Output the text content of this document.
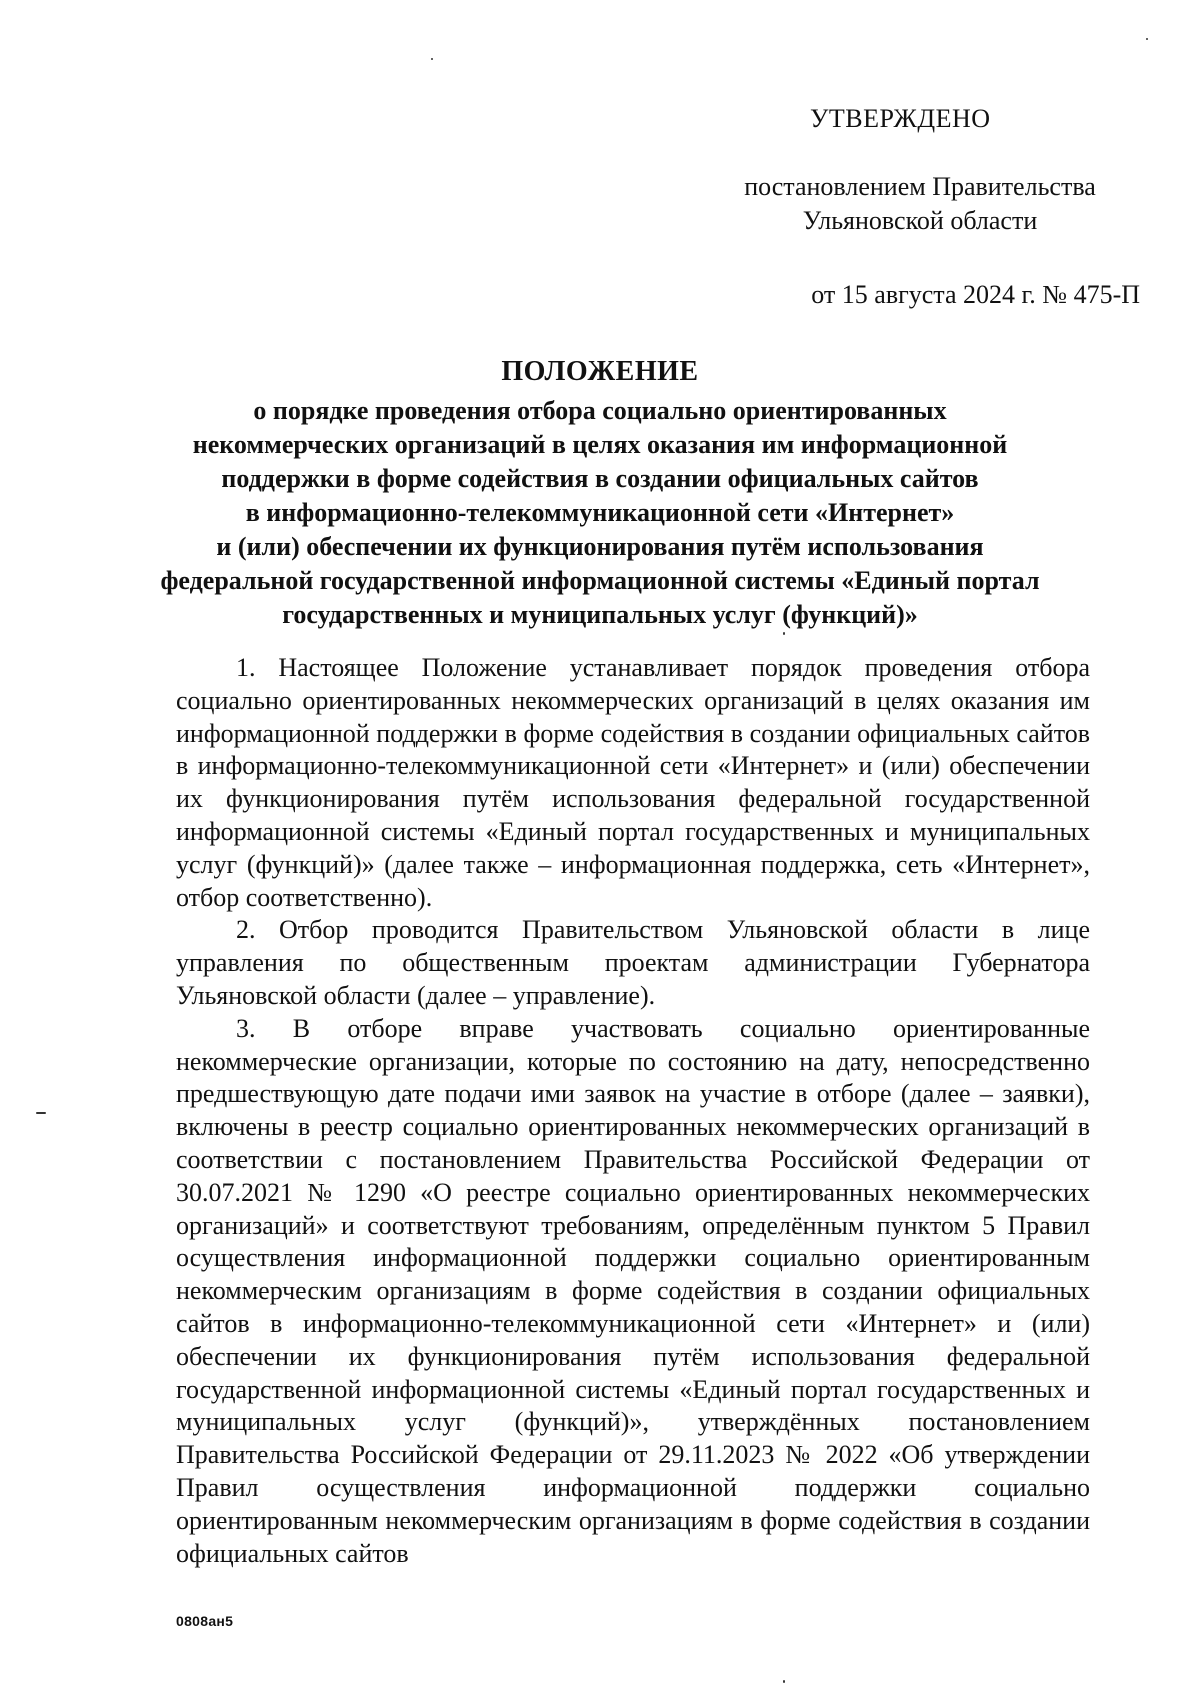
УТВЕРЖДЕНО
постановлением Правительства
Ульяновской области
от 15 августа 2024 г. № 475-П
ПОЛОЖЕНИЕ
о порядке проведения отбора социально ориентированных
некоммерческих организаций в целях оказания им информационной
поддержки в форме содействия в создании официальных сайтов
в информационно-телекоммуникационной сети «Интернет»
и (или) обеспечении их функционирования путём использования
федеральной государственной информационной системы «Единый портал
государственных и муниципальных услуг (функций)»

1. Настоящее Положение устанавливает порядок проведения отбора социально ориентированных некоммерческих организаций в целях оказания им информационной поддержки в форме содействия в создании официальных сайтов в информационно-телекоммуникационной сети «Интернет» и (или) обеспечении их функционирования путём использования федеральной государственной информационной системы «Единый портал государственных и муниципальных услуг (функций)» (далее также – информационная поддержка, сеть «Интернет», отбор соответственно).

2. Отбор проводится Правительством Ульяновской области в лице управления по общественным проектам администрации Губернатора Ульяновской области (далее – управление).

3. В отборе вправе участвовать социально ориентированные некоммерческие организации, которые по состоянию на дату, непосредственно предшествующую дате подачи ими заявок на участие в отборе (далее – заявки), включены в реестр социально ориентированных некоммерческих организаций в соответствии с постановлением Правительства Российской Федерации от 30.07.2021 № 1290 «О реестре социально ориентированных некоммерческих организаций» и соответствуют требованиям, определённым пунктом 5 Правил осуществления информационной поддержки социально ориентированным некоммерческим организациям в форме содействия в создании официальных сайтов в информационно-телекоммуникационной сети «Интернет» и (или) обеспечении их функционирования путём использования федеральной государственной информационной системы «Единый портал государственных и муниципальных услуг (функций)», утверждённых постановлением Правительства Российской Федерации от 29.11.2023 № 2022 «Об утверждении Правил осуществления информационной поддержки социально ориентированным некоммерческим организациям в форме содействия в создании официальных сайтов

0808ан5
